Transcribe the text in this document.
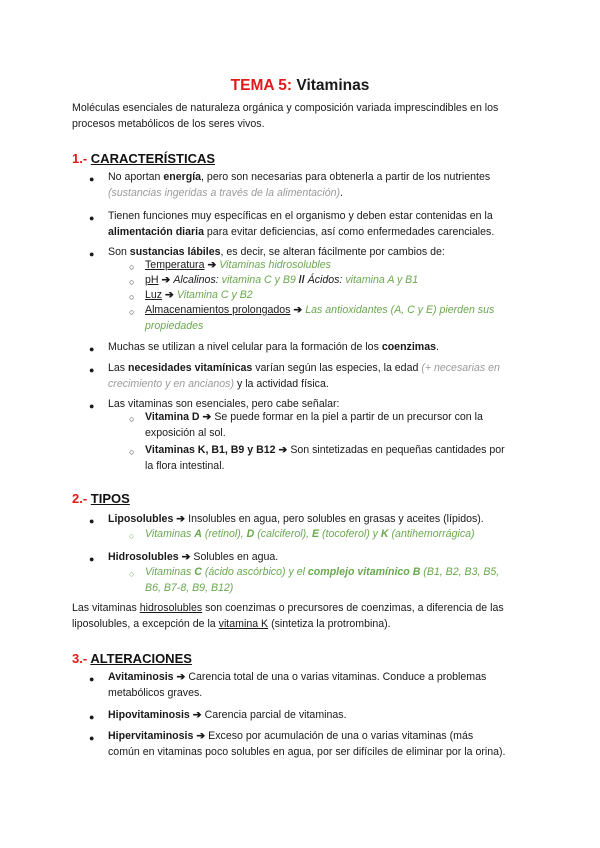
TEMA 5: Vitaminas
Moléculas esenciales de naturaleza orgánica y composición variada imprescindibles en los
procesos metabólicos de los seres vivos.
1.- CARACTERÍSTICAS
● No aportan energía, pero son necesarias para obtenerla a partir de los nutrientes
(sustancias ingeridas a través de la alimentación).
● Tienen funciones muy específicas en el organismo y deben estar contenidas en la
alimentación diaria para evitar deficiencias, así como enfermedades carenciales.
● Son sustancias lábiles, es decir, se alteran fácilmente por cambios de:
○ Temperatura ➔ Vitaminas hidrosolubles
○ pH ➔ Alcalinos: vitamina C y B9 // Ácidos: vitamina A y B1
○ Luz ➔ Vitamina C y B2
○ Almacenamientos prolongados ➔ Las antioxidantes (A, C y E) pierden sus
propiedades
● Muchas se utilizan a nivel celular para la formación de los coenzimas.
● Las necesidades vitamínicas varían según las especies, la edad (+ necesarias en
crecimiento y en ancianos) y la actividad física.
● Las vitaminas son esenciales, pero cabe señalar:
○ Vitamina D ➔ Se puede formar en la piel a partir de un precursor con la
exposición al sol.
○ Vitaminas K, B1, B9 y B12 ➔ Son sintetizadas en pequeñas cantidades por
la flora intestinal.
2.- TIPOS
● Liposolubles ➔ Insolubles en agua, pero solubles en grasas y aceites (lípidos).
○ Vitaminas A (retinol), D (calciferol), E (tocoferol) y K (antihemorrágica)
● Hidrosolubles ➔ Solubles en agua.
○ Vitaminas C (ácido ascórbico) y el complejo vitamínico B (B1, B2, B3, B5,
B6, B7-8, B9, B12)
Las vitaminas hidrosolubles son coenzimas o precursores de coenzimas, a diferencia de las
liposolubles, a excepción de la vitamina K (sintetiza la protrombina).
3.- ALTERACIONES
● Avitaminosis ➔ Carencia total de una o varias vitaminas. Conduce a problemas
metabólicos graves.
● Hipovitaminosis ➔ Carencia parcial de vitaminas.
● Hipervitaminosis ➔ Exceso por acumulación de una o varias vitaminas (más
común en vitaminas poco solubles en agua, por ser difíciles de eliminar por la orina).
